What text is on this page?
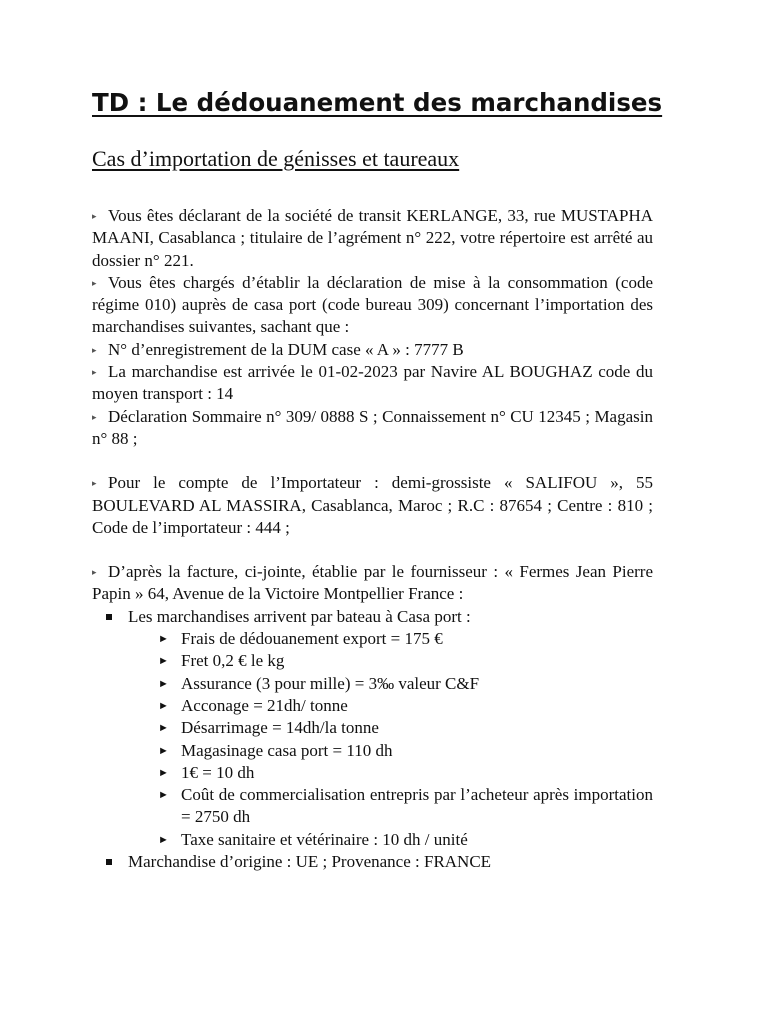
TD : Le dédouanement des marchandises
Cas d’importation de génisses et taureaux

▸ Vous êtes déclarant de la société de transit KERLANGE, 33, rue MUSTAPHA MAANI, Casablanca ; titulaire de l’agrément n° 222, votre répertoire est arrêté au dossier n° 221.

▸ Vous êtes chargés d’établir la déclaration de mise à la consommation (code régime 010) auprès de casa port (code bureau 309) concernant l’importation des marchandises suivantes, sachant que :

▸ N° d’enregistrement de la DUM case « A » : 7777 B

▸ La marchandise est arrivée le 01-02-2023 par Navire AL BOUGHAZ code du moyen transport : 14

▸ Déclaration Sommaire n° 309/ 0888 S ; Connaissement n° CU 12345 ; Magasin n° 88 ;

▸ Pour le compte de l’Importateur : demi-grossiste « SALIFOU », 55 BOULEVARD AL MASSIRA, Casablanca, Maroc ; R.C : 87654 ; Centre : 810 ; Code de l’importateur : 444 ;

▸ D’après la facture, ci-jointe, établie par le fournisseur : « Fermes Jean Pierre Papin » 64, Avenue de la Victoire Montpellier France :

Les marchandises arrivent par bateau à Casa port :
► Frais de dédouanement export = 175 €
► Fret 0,2 € le kg
► Assurance (3 pour mille) = 3‰ valeur C&F
► Acconage = 21dh/ tonne
► Désarrimage = 14dh/la tonne
► Magasinage casa port = 110 dh
► 1€ = 10 dh
► Coût de commercialisation entrepris par l’acheteur après importation = 2750 dh
► Taxe sanitaire et vétérinaire : 10 dh / unité
Marchandise d’origine : UE ; Provenance : FRANCE
